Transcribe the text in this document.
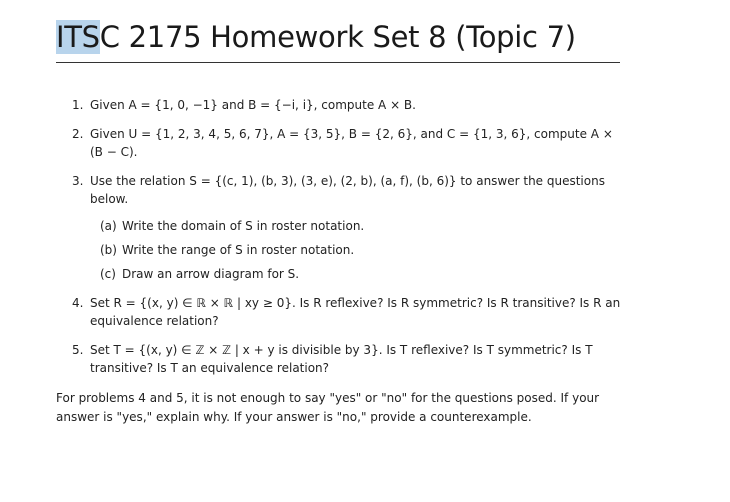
ITSC 2175 Homework Set 8 (Topic 7)
1. Given A = {1, 0, −1} and B = {−i, i}, compute A × B.
2. Given U = {1, 2, 3, 4, 5, 6, 7}, A = {3, 5}, B = {2, 6}, and C = {1, 3, 6}, compute A × (B − C).
3. Use the relation S = {(c, 1), (b, 3), (3, e), (2, b), (a, f), (b, 6)} to answer the questions below.
(a) Write the domain of S in roster notation.
(b) Write the range of S in roster notation.
(c) Draw an arrow diagram for S.
4. Set R = {(x, y) ∈ ℝ × ℝ | xy ≥ 0}. Is R reflexive? Is R symmetric? Is R transitive? Is R an equivalence relation?
5. Set T = {(x, y) ∈ ℤ × ℤ | x + y is divisible by 3}. Is T reflexive? Is T symmetric? Is T transitive? Is T an equivalence relation?

For problems 4 and 5, it is not enough to say "yes" or "no" for the questions posed. If your answer is "yes," explain why. If your answer is "no," provide a counterexample.
